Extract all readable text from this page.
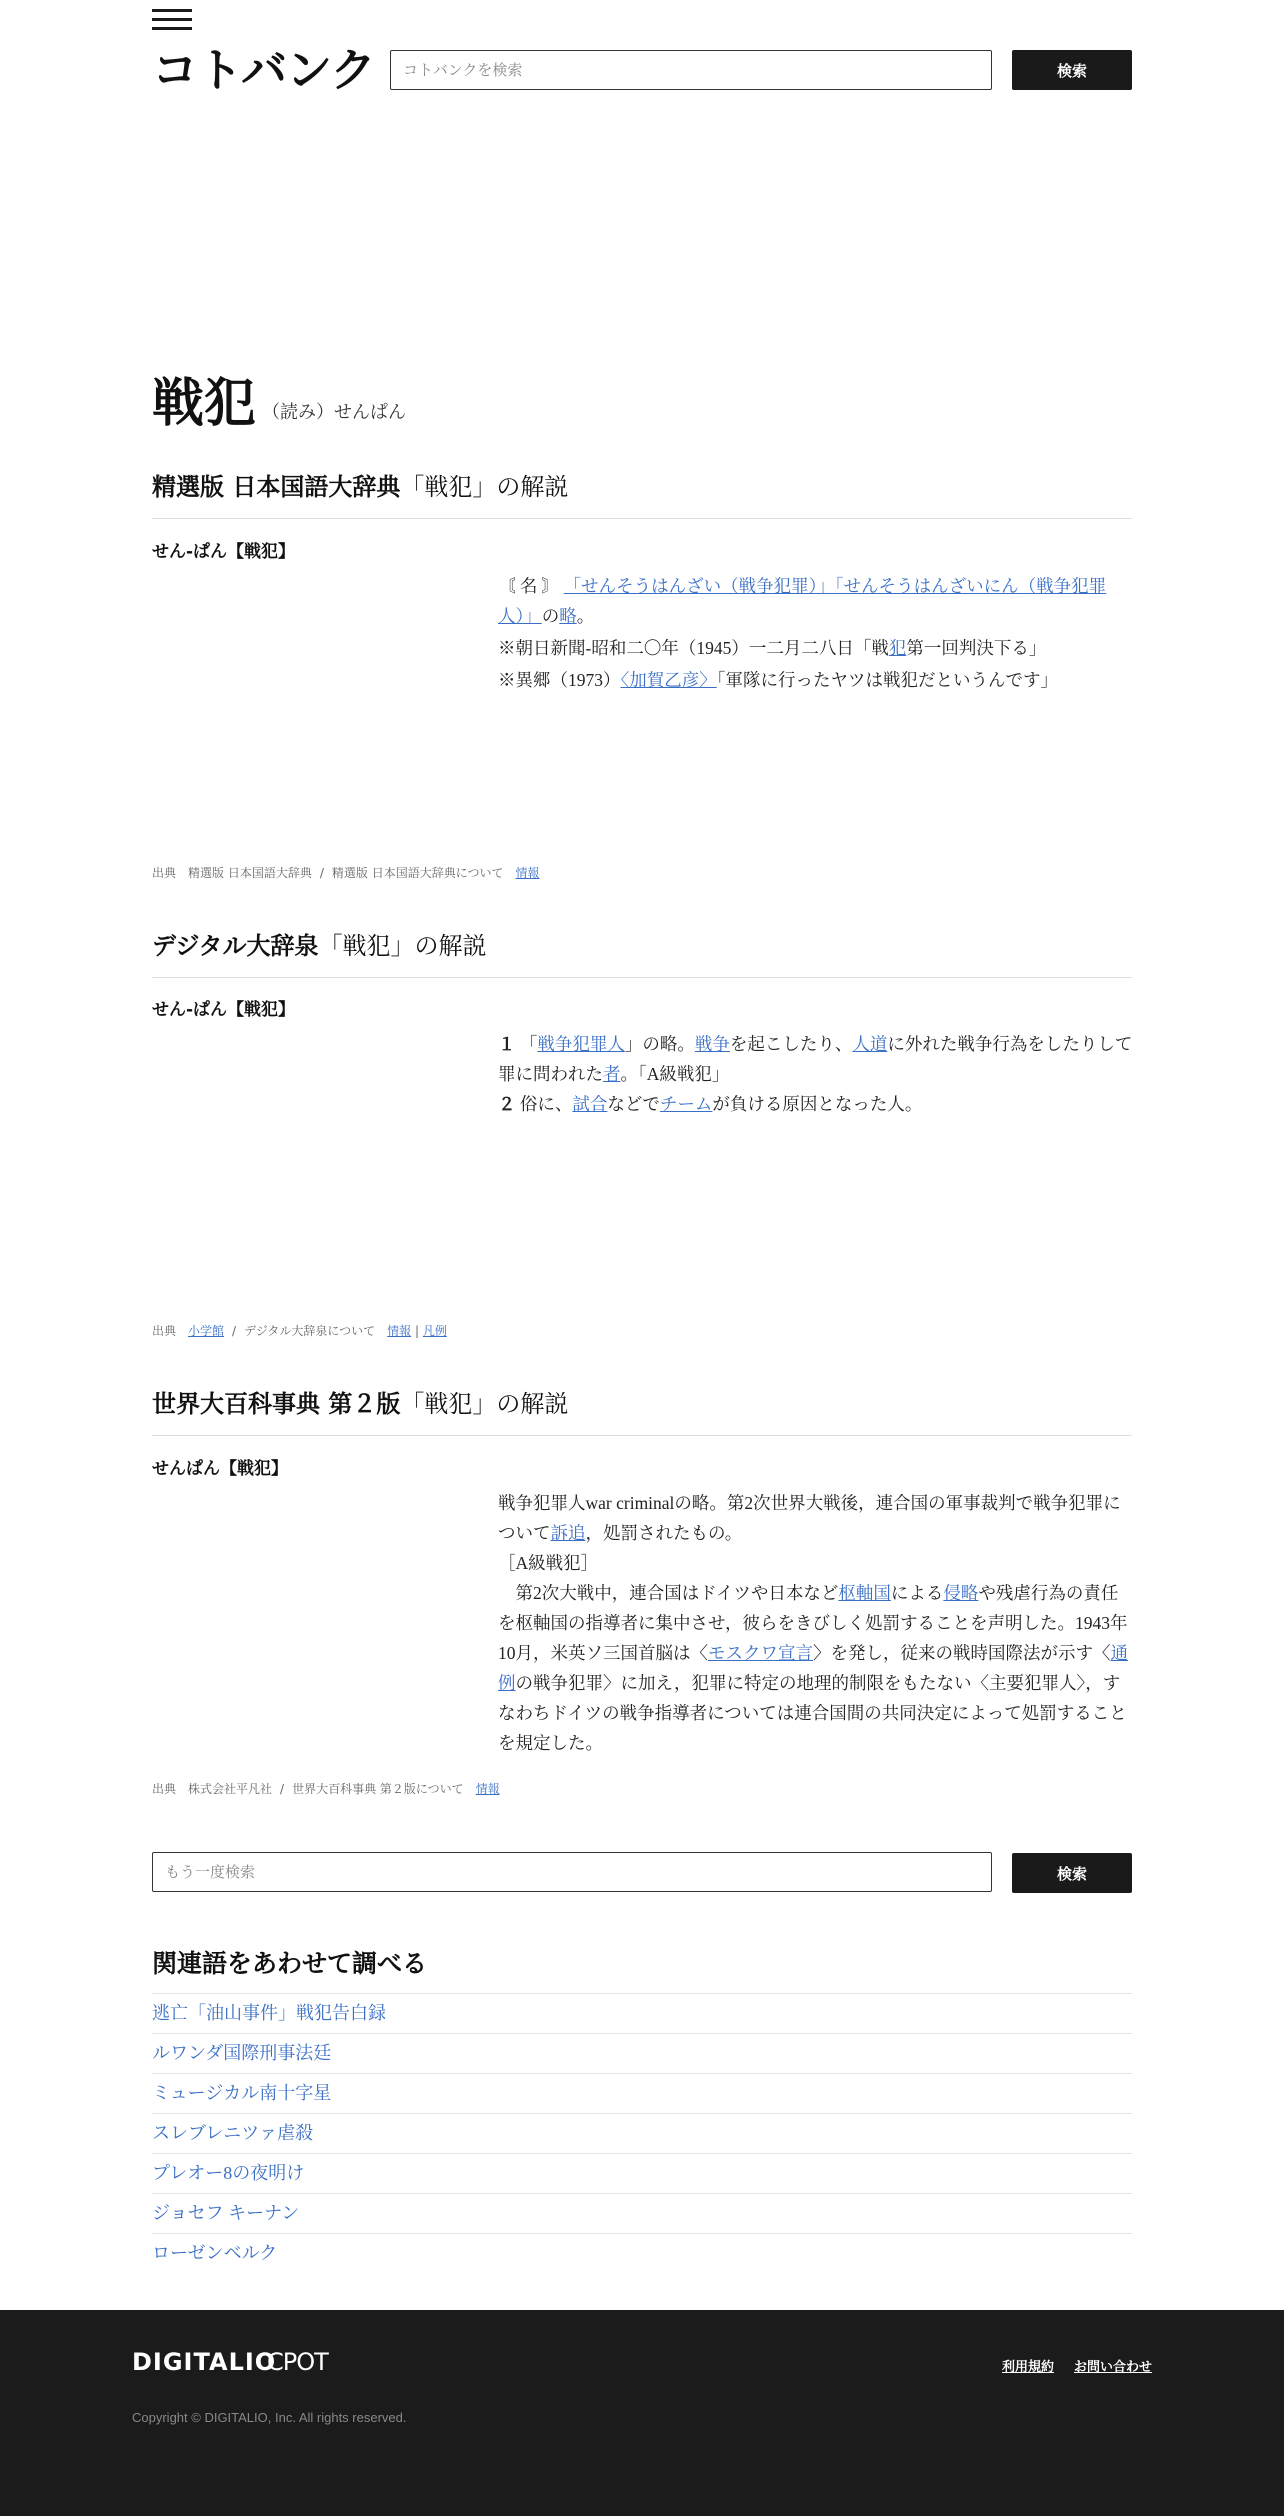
コトバンク
コトバンクを検索	検索
戦犯 （読み）せんぱん
精選版 日本国語大辞典「戦犯」の解説
せん‐ぱん【戦犯】
〘 名 〙 「せんそうはんざい（戦争犯罪）」「せんそうはんざいにん（戦争犯罪人）」の略。
※朝日新聞‐昭和二〇年（1945）一二月二八日「戦犯第一回判決下る」
※異郷（1973）〈加賀乙彦〉「軍隊に行ったヤツは戦犯だというんです」
出典　 精選版 日本国語大辞典 / 精選版 日本国語大辞典について　 情報
デジタル大辞泉「戦犯」の解説
せん‐ぱん【戦犯】
１ 「戦争犯罪人」の略。戦争を起こしたり、人道に外れた戦争行為をしたりして罪に問われた者。「A級戦犯」
２ 俗に、試合などでチームが負ける原因となった人。
出典　 小学館 / デジタル大辞泉について　 情報 | 凡例
世界大百科事典 第２版「戦犯」の解説
せんぱん【戦犯】
戦争犯罪人war criminalの略。第2次世界大戦後，連合国の軍事裁判で戦争犯罪について訴追，処罰されたもの。
［A級戦犯］
　第2次大戦中，連合国はドイツや日本など枢軸国による侵略や残虐行為の責任を枢軸国の指導者に集中させ，彼らをきびしく処罰することを声明した。1943年10月，米英ソ三国首脳は〈モスクワ宣言〉を発し，従来の戦時国際法が示す〈通例の戦争犯罪〉に加え，犯罪に特定の地理的制限をもたない〈主要犯罪人〉，すなわちドイツの戦争指導者については連合国間の共同決定によって処罰することを規定した。
出典　 株式会社平凡社 / 世界大百科事典 第２版について　 情報
もう一度検索
検索
関連語をあわせて調べる
逃亡「油山事件」戦犯告白録
ルワンダ国際刑事法廷
ミュージカル南十字星
スレブレニツァ虐殺
プレオー8の夜明け
ジョセフ キーナン
ローゼンベルク
DIGITALIO
CPOT	利用規約 お問い合わせ
Copyright © DIGITALIO, Inc. All rights reserved.
